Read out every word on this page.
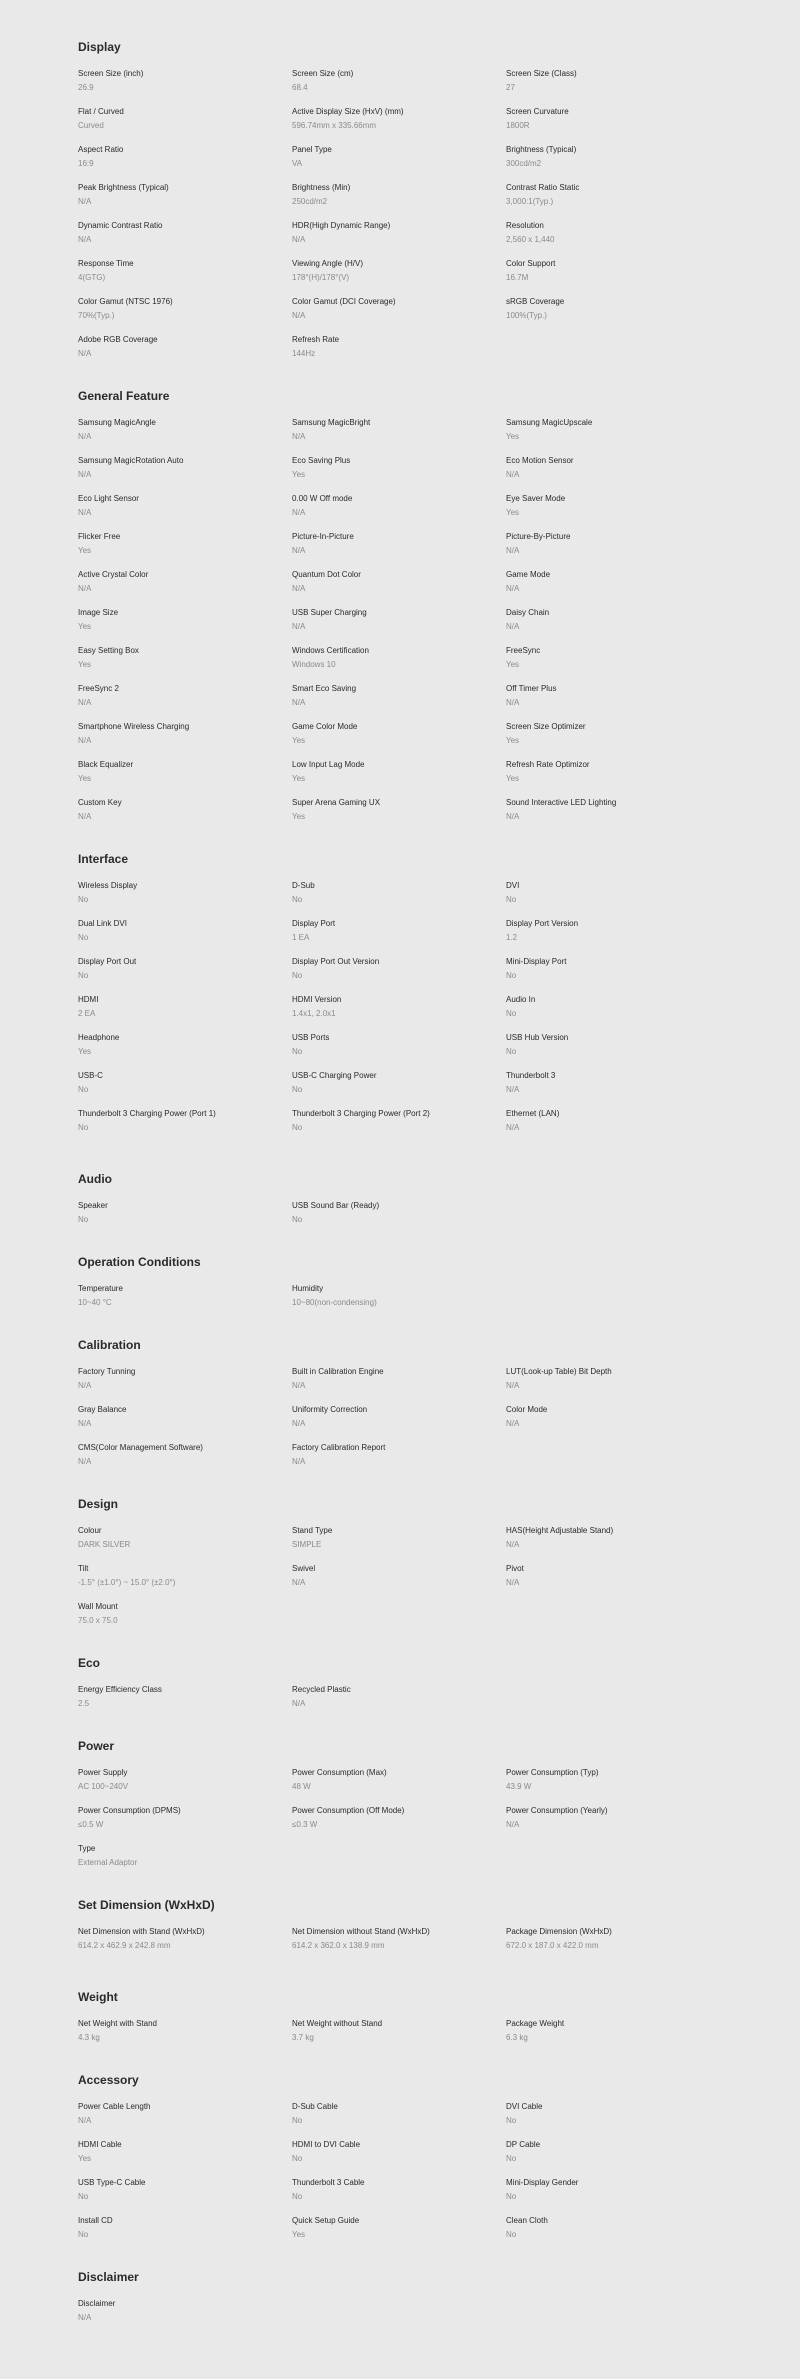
Display
Screen Size (inch)
26.9
Screen Size (cm)
68.4
Screen Size (Class)
27
Flat / Curved
Curved
Active Display Size (HxV) (mm)
596.74mm x 335.66mm
Screen Curvature
1800R
Aspect Ratio
16:9
Panel Type
VA
Brightness (Typical)
300cd/m2
Peak Brightness (Typical)
N/A
Brightness (Min)
250cd/m2
Contrast Ratio Static
3,000:1(Typ.)
Dynamic Contrast Ratio
N/A
HDR(High Dynamic Range)
N/A
Resolution
2,560 x 1,440
Response Time
4(GTG)
Viewing Angle (H/V)
178°(H)/178°(V)
Color Support
16.7M
Color Gamut (NTSC 1976)
70%(Typ.)
Color Gamut (DCI Coverage)
N/A
sRGB Coverage
100%(Typ.)
Adobe RGB Coverage
N/A
Refresh Rate
144Hz
General Feature
Samsung MagicAngle
N/A
Samsung MagicBright
N/A
Samsung MagicUpscale
Yes
Samsung MagicRotation Auto
N/A
Eco Saving Plus
Yes
Eco Motion Sensor
N/A
Eco Light Sensor
N/A
0.00 W Off mode
N/A
Eye Saver Mode
Yes
Flicker Free
Yes
Picture-In-Picture
N/A
Picture-By-Picture
N/A
Active Crystal Color
N/A
Quantum Dot Color
N/A
Game Mode
N/A
Image Size
Yes
USB Super Charging
N/A
Daisy Chain
N/A
Easy Setting Box
Yes
Windows Certification
Windows 10
FreeSync
Yes
FreeSync 2
N/A
Smart Eco Saving
N/A
Off Timer Plus
N/A
Smartphone Wireless Charging
N/A
Game Color Mode
Yes
Screen Size Optimizer
Yes
Black Equalizer
Yes
Low Input Lag Mode
Yes
Refresh Rate Optimizor
Yes
Custom Key
N/A
Super Arena Gaming UX
Yes
Sound Interactive LED Lighting
N/A
Interface
Wireless Display
No
D-Sub
No
DVI
No
Dual Link DVI
No
Display Port
1 EA
Display Port Version
1.2
Display Port Out
No
Display Port Out Version
No
Mini-Display Port
No
HDMI
2 EA
HDMI Version
1.4x1, 2.0x1
Audio In
No
Headphone
Yes
USB Ports
No
USB Hub Version
No
USB-C
No
USB-C Charging Power
No
Thunderbolt 3
N/A
Thunderbolt 3 Charging Power (Port 1)
No
Thunderbolt 3 Charging Power (Port 2)
No
Ethernet (LAN)
N/A
Audio
Speaker
No
USB Sound Bar (Ready)
No
Operation Conditions
Temperature
10~40 °C
Humidity
10~80(non-condensing)
Calibration
Factory Tunning
N/A
Built in Calibration Engine
N/A
LUT(Look-up Table) Bit Depth
N/A
Gray Balance
N/A
Uniformity Correction
N/A
Color Mode
N/A
CMS(Color Management Software)
N/A
Factory Calibration Report
N/A
Design
Colour
DARK SILVER
Stand Type
SIMPLE
HAS(Height Adjustable Stand)
N/A
Tilt
-1.5° (±1.0°) ~ 15.0° (±2.0°)
Swivel
N/A
Pivot
N/A
Wall Mount
75.0 x 75.0
Eco
Energy Efficiency Class
2.5
Recycled Plastic
N/A
Power
Power Supply
AC 100~240V
Power Consumption (Max)
48 W
Power Consumption (Typ)
43.9 W
Power Consumption (DPMS)
≤0.5 W
Power Consumption (Off Mode)
≤0.3 W
Power Consumption (Yearly)
N/A
Type
External Adaptor
Set Dimension (WxHxD)
Net Dimension with Stand (WxHxD)
614.2 x 462.9 x 242.8 mm
Net Dimension without Stand (WxHxD)
614.2 x 362.0 x 138.9 mm
Package Dimension (WxHxD)
672.0 x 187.0 x 422.0 mm
Weight
Net Weight with Stand
4.3 kg
Net Weight without Stand
3.7 kg
Package Weight
6.3 kg
Accessory
Power Cable Length
N/A
D-Sub Cable
No
DVI Cable
No
HDMI Cable
Yes
HDMI to DVI Cable
No
DP Cable
No
USB Type-C Cable
No
Thunderbolt 3 Cable
No
Mini-Display Gender
No
Install CD
No
Quick Setup Guide
Yes
Clean Cloth
No
Disclaimer
Disclaimer
N/A
